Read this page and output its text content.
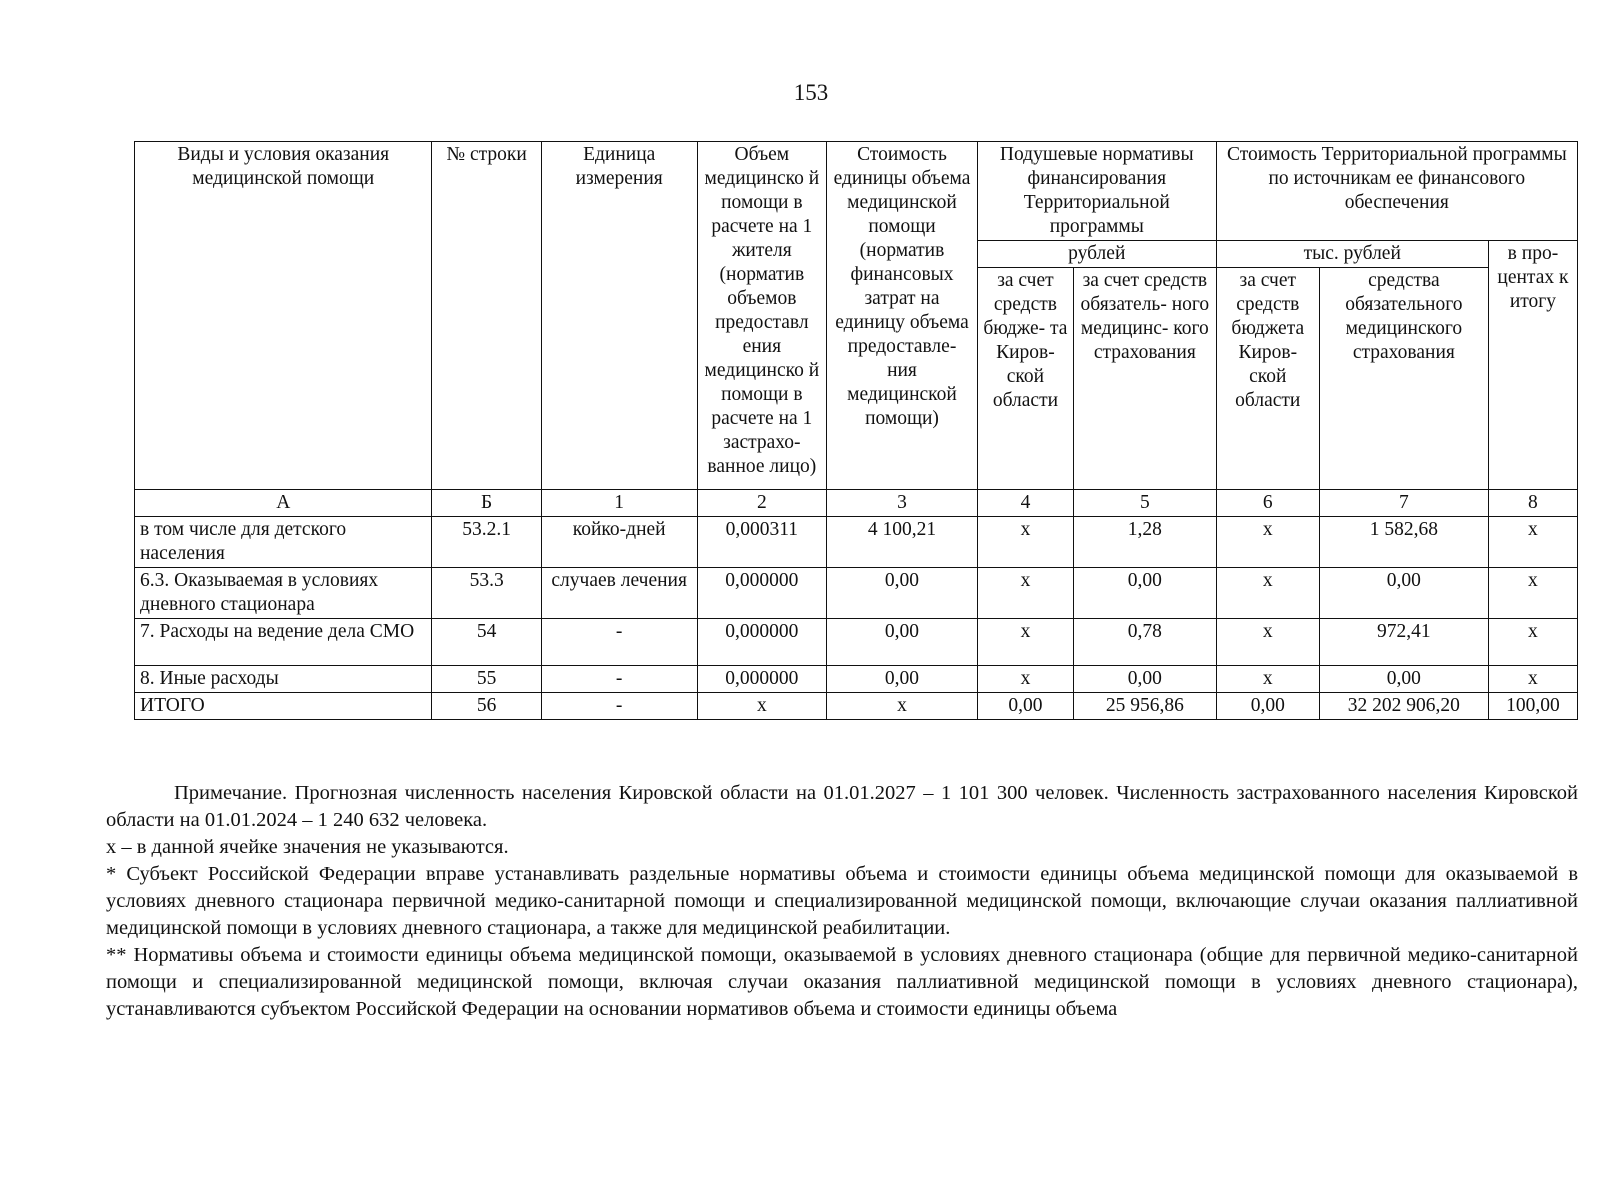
153
Виды и условия оказания медицинской помощи	№ строки	Единица измерения	Объем медицинско й помощи в расчете на 1 жителя (норматив объемов предоставл ения медицинско й помощи в расчете на 1 застрахо- ванное лицо)	Стоимость единицы объема медицинской помощи (норматив финансовых затрат на единицу объема предоставле- ния медицинской помощи)	Подушевые нормативы финансирования Территориальной программы		Стоимость Территориальной программы по источникам ее финансового обеспечения		
					рублей		тыс. рублей		в про- центах к итогу
					за счет средств бюдже- та Киров- ской области	за счет средств обязатель- ного медицинс- кого страхования	за счет средств бюджета Киров- ской области	средства обязательного медицинского страхования	
А	Б	1	2	3	4	5	6	7	8
в том числе для детского населения	53.2.1	койко-дней	0,000311	4 100,21	х	1,28	х	1 582,68	х
6.3. Оказываемая в условиях дневного стационара	53.3	случаев лечения	0,000000	0,00	х	0,00	х	0,00	х
7. Расходы на ведение дела СМО	54	-	0,000000	0,00	х	0,78	х	972,41	х
8. Иные расходы	55	-	0,000000	0,00	х	0,00	х	0,00	х
ИТОГО	56	-	х	х	0,00	25 956,86	0,00	32 202 906,20	100,00

Примечание. Прогнозная численность населения Кировской области на 01.01.2027 – 1 101 300 человек. Численность застрахованного населения Кировской области на 01.01.2024 – 1 240 632 человека.

х – в данной ячейке значения не указываются.

* Субъект Российской Федерации вправе устанавливать раздельные нормативы объема и стоимости единицы объема медицинской помощи для оказываемой в условиях дневного стационара первичной медико-санитарной помощи и специализированной медицинской помощи, включающие случаи оказания паллиативной медицинской помощи в условиях дневного стационара, а также для медицинской реабилитации.

** Нормативы объема и стоимости единицы объема медицинской помощи, оказываемой в условиях дневного стационара (общие для первичной медико-санитарной помощи и специализированной медицинской помощи, включая случаи оказания паллиативной медицинской помощи в условиях дневного стационара), устанавливаются субъектом Российской Федерации на основании нормативов объема и стоимости единицы объема
